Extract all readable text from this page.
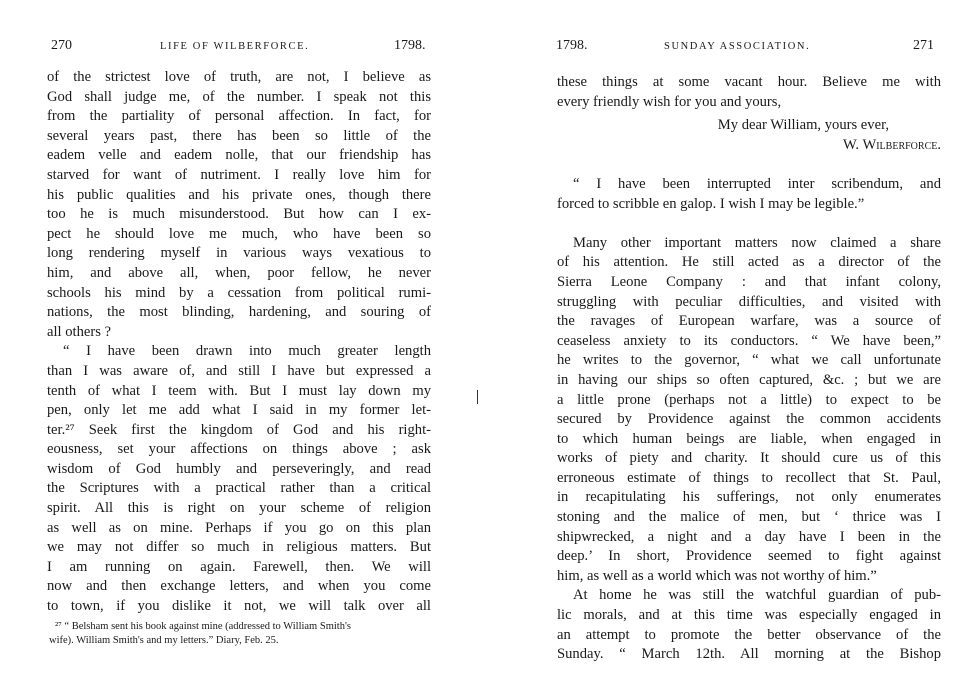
270	LIFE OF WILBERFORCE.	1798.
of the strictest love of truth, are not, I believe as
God shall judge me, of the number. I speak not this
from the partiality of personal affection. In fact, for
several years past, there has been so little of the
eadem velle and eadem nolle, that our friendship has
starved for want of nutriment. I really love him for
his public qualities and his private ones, though there
too he is much misunderstood. But how can I ex-
pect he should love me much, who have been so
long rendering myself in various ways vexatious to
him, and above all, when, poor fellow, he never
schools his mind by a cessation from political rumi-
nations, the most blinding, hardening, and souring of
all others ?
“ I have been drawn into much greater length
than I was aware of, and still I have but expressed a
tenth of what I teem with. But I must lay down my
pen, only let me add what I said in my former let-
ter.²⁷ Seek first the kingdom of God and his right-
eousness, set your affections on things above ; ask
wisdom of God humbly and perseveringly, and read
the Scriptures with a practical rather than a critical
spirit. All this is right on your scheme of religion
as well as on mine. Perhaps if you go on this plan
we may not differ so much in religious matters. But
I am running on again. Farewell, then. We will
now and then exchange letters, and when you come
to town, if you dislike it not, we will talk over all
²⁷ “ Belsham sent his book against mine (addressed to William Smith's
wife). William Smith's and my letters.” Diary, Feb. 25.
1798.	SUNDAY ASSOCIATION.	271
these things at some vacant hour. Believe me with
every friendly wish for you and yours,
My dear William, yours ever,
W. Wilberforce.
“ I have been interrupted inter scribendum, and
forced to scribble en galop. I wish I may be legible.”
Many other important matters now claimed a share
of his attention. He still acted as a director of the
Sierra Leone Company : and that infant colony,
struggling with peculiar difficulties, and visited with
the ravages of European warfare, was a source of
ceaseless anxiety to its conductors. “ We have been,”
he writes to the governor, “ what we call unfortunate
in having our ships so often captured, &c. ; but we are
a little prone (perhaps not a little) to expect to be
secured by Providence against the common accidents
to which human beings are liable, when engaged in
works of piety and charity. It should cure us of this
erroneous estimate of things to recollect that St. Paul,
in recapitulating his sufferings, not only enumerates
stoning and the malice of men, but ‘ thrice was I
shipwrecked, a night and a day have I been in the
deep.’ In short, Providence seemed to fight against
him, as well as a world which was not worthy of him.”
At home he was still the watchful guardian of pub-
lic morals, and at this time was especially engaged in
an attempt to promote the better observance of the
Sunday. “ March 12th. All morning at the Bishop
